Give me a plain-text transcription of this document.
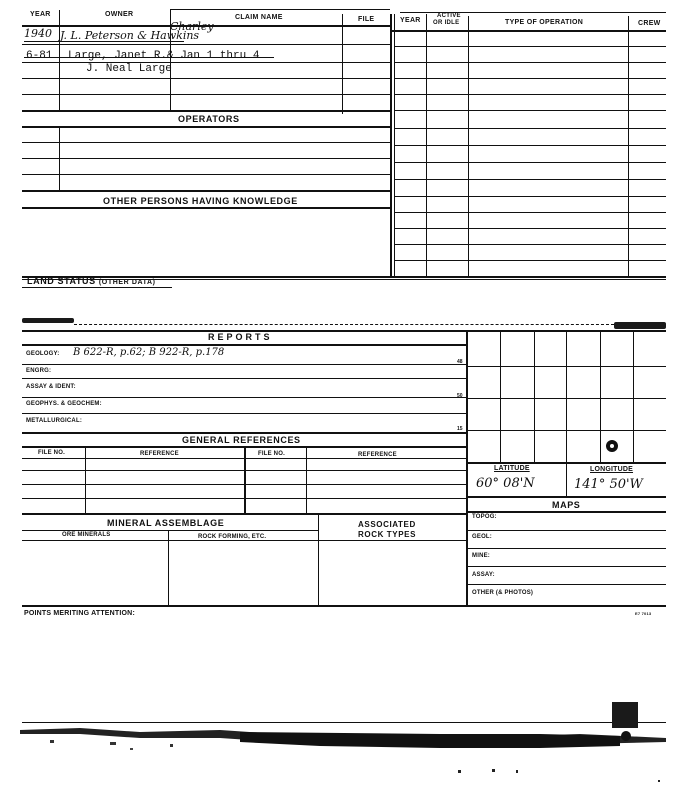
YEAR	OWNER	CLAIM NAME	FILE	YEAR
ACTIVE
OR IDLE	TYPE OF OPERATION	CREW
1940 J. L. Peterson & Hawkins
Charley
6-81 Large, Janet R.& Jan 1 thru 4
J. Neal Large
OPERATORS
OTHER PERSONS HAVING KNOWLEDGE
LAND STATUS (OTHER DATA)
REPORTS
GEOLOGY: B 622-R, p.62; B 922-R, p.178
48
ENGRG:
ASSAY & IDENT:
50
GEOPHYS. & GEOCHEM:
METALLURGICAL:
15
GENERAL REFERENCES
FILE NO.	REFERENCE	FILE NO.	REFERENCE
MINERAL ASSEMBLAGE	ASSOCIATED
ROCK TYPES
ORE MINERALS	ROCK FORMING, ETC.
LATITUDE	LONGITUDE
60° 08'N	141° 50'W
MAPS
TOPOG:
GEOL:
MINE:
ASSAY:
OTHER (& PHOTOS)
POINTS MERITING ATTENTION:	E7 7013
